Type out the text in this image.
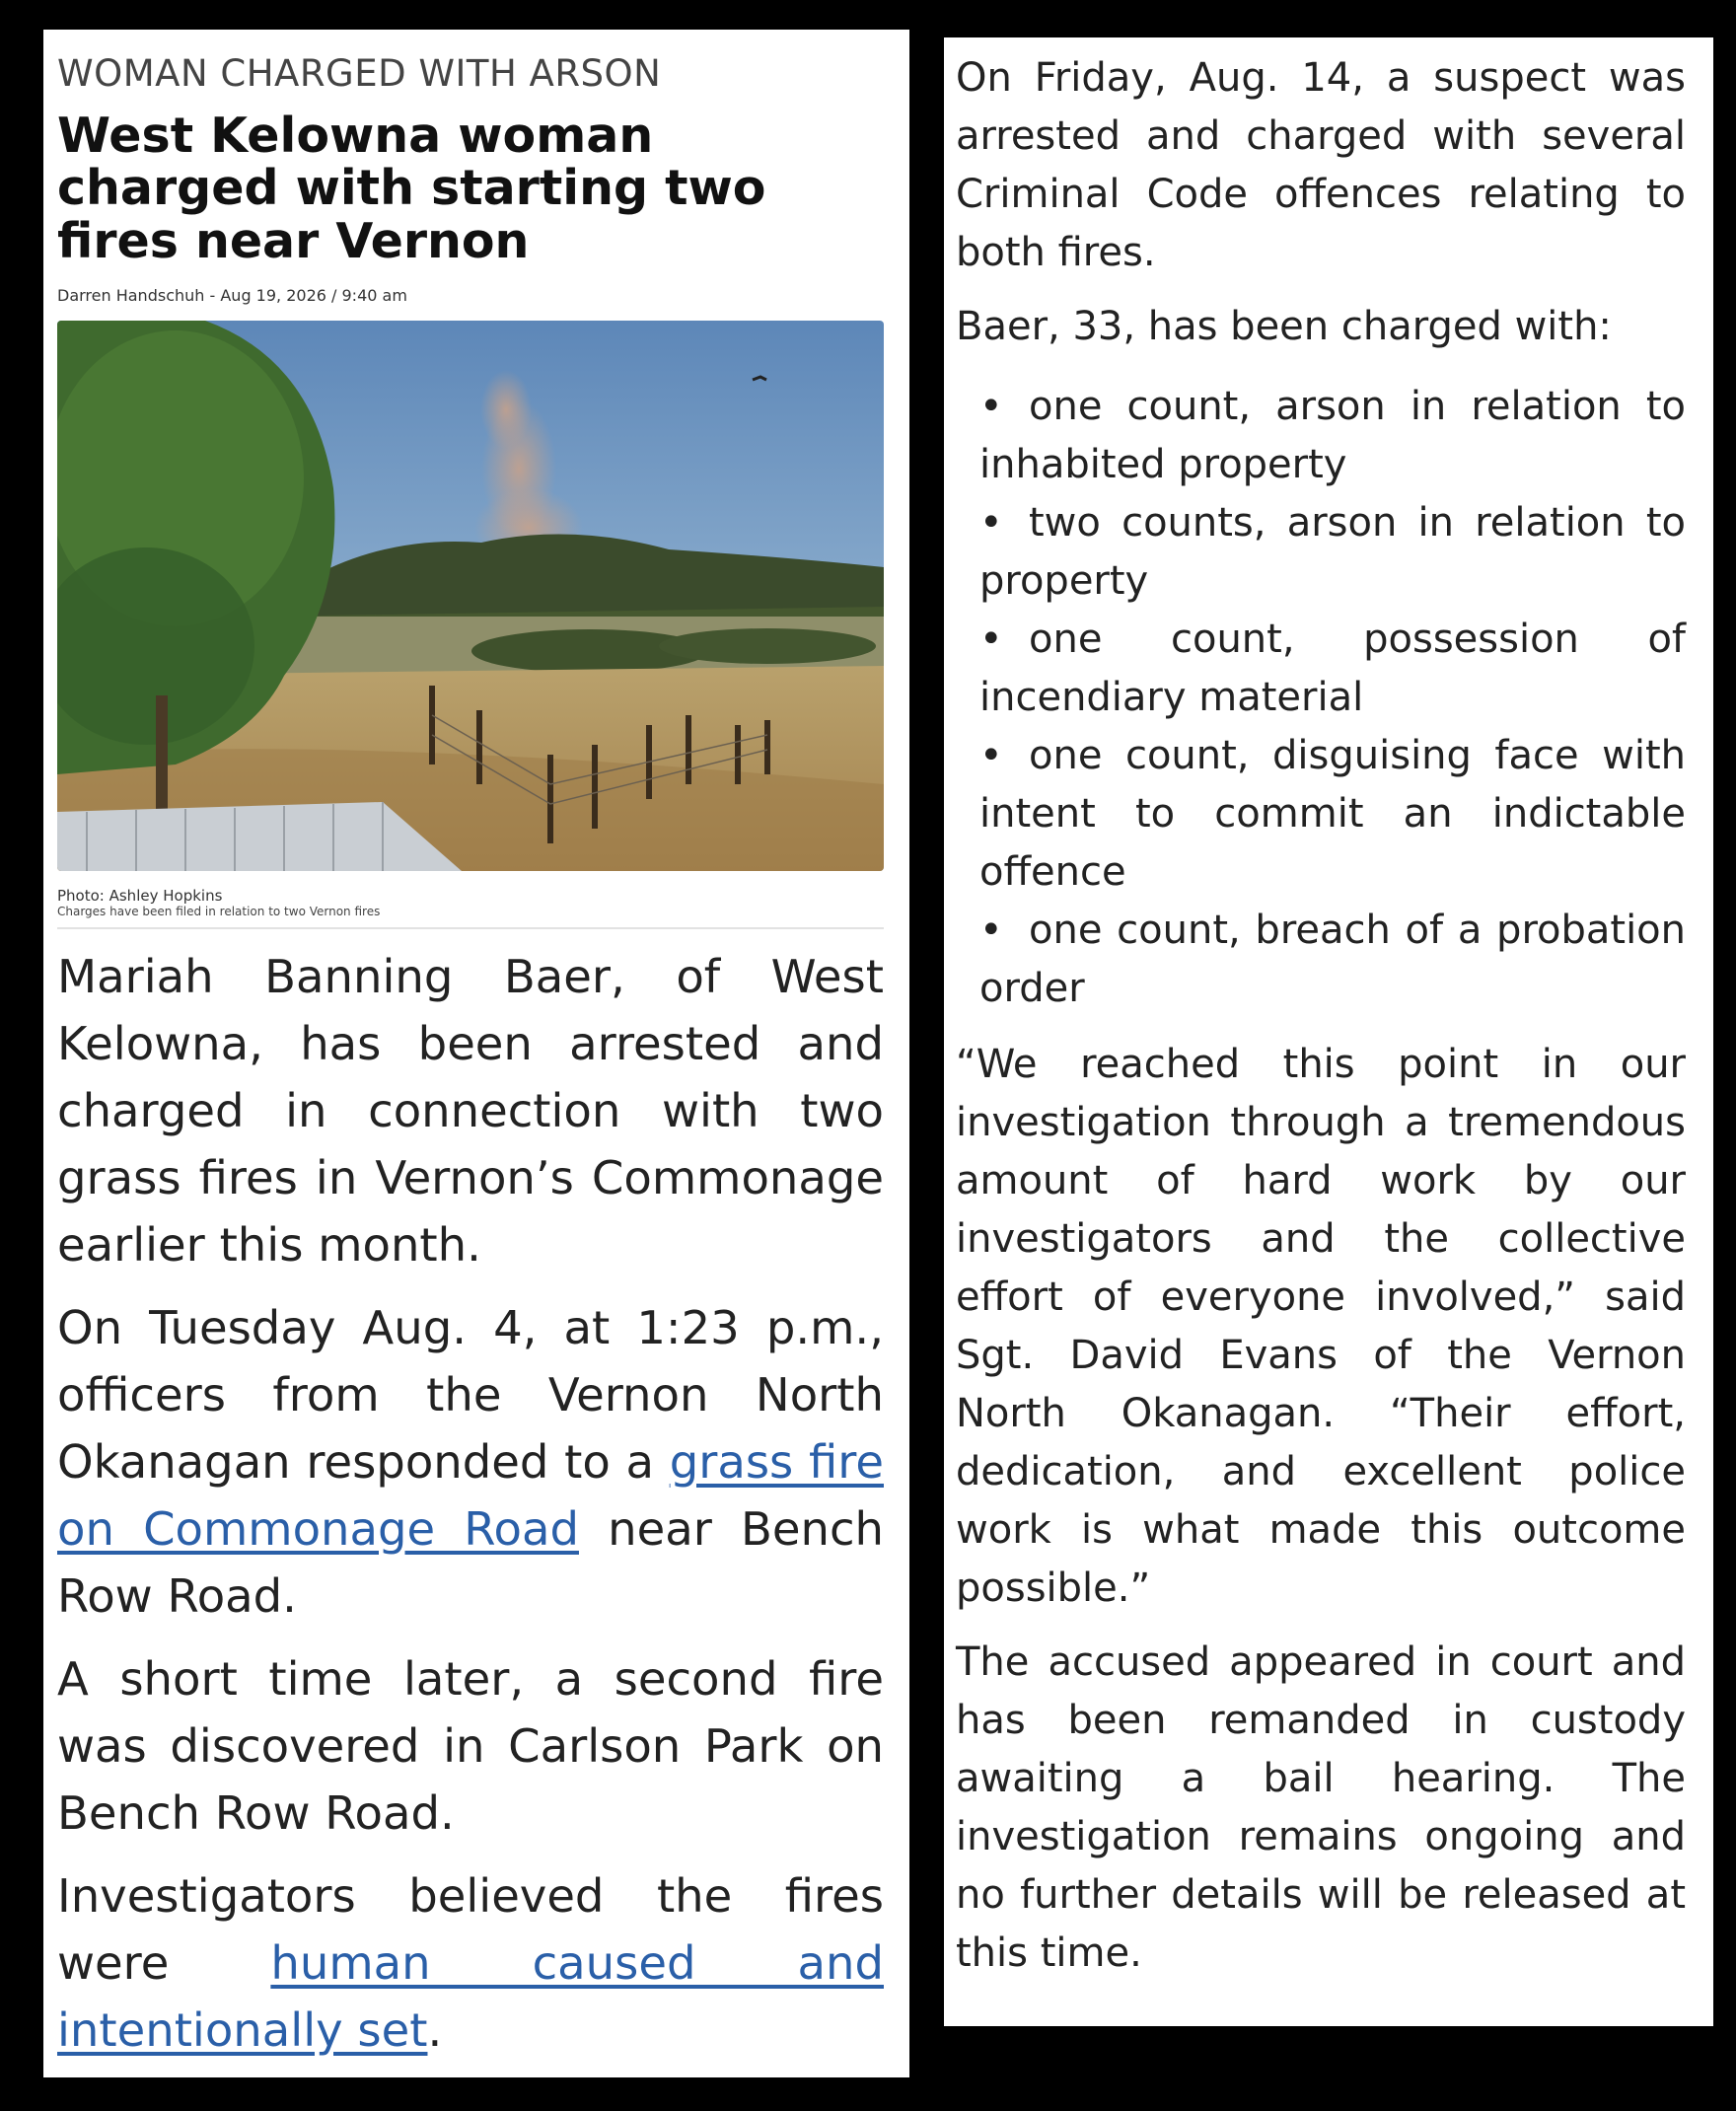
WOMAN CHARGED WITH ARSON
West Kelowna woman charged with starting two fires near Vernon
Darren Handschuh - Aug 19, 2026 / 9:40 am
Photo: Ashley Hopkins
Charges have been filed in relation to two Vernon fires

Mariah Banning Baer, of West Kelowna, has been arrested and charged in connection with two grass fires in Vernon’s Commonage earlier this month.

On Tuesday Aug. 4, at 1:23 p.m., officers from the Vernon North Okanagan responded to a grass fire on Commonage Road near Bench Row Road.

A short time later, a second fire was discovered in Carlson Park on Bench Row Road.

Investigators believed the fires were human caused and intentionally set.

On Friday, Aug. 14, a suspect was arrested and charged with several Criminal Code offences relating to both fires.

Baer, 33, has been charged with:

• one count, arson in relation to inhabited property
• two counts, arson in relation to property
• one count, possession of incendiary material
• one count, disguising face with intent to commit an indictable offence
• one count, breach of a probation order

“We reached this point in our investigation through a tremendous amount of hard work by our investigators and the collective effort of everyone involved,” said Sgt. David Evans of the Vernon North Okanagan. “Their effort, dedication, and excellent police work is what made this outcome possible.”

The accused appeared in court and has been remanded in custody awaiting a bail hearing. The investigation remains ongoing and no further details will be released at this time.
